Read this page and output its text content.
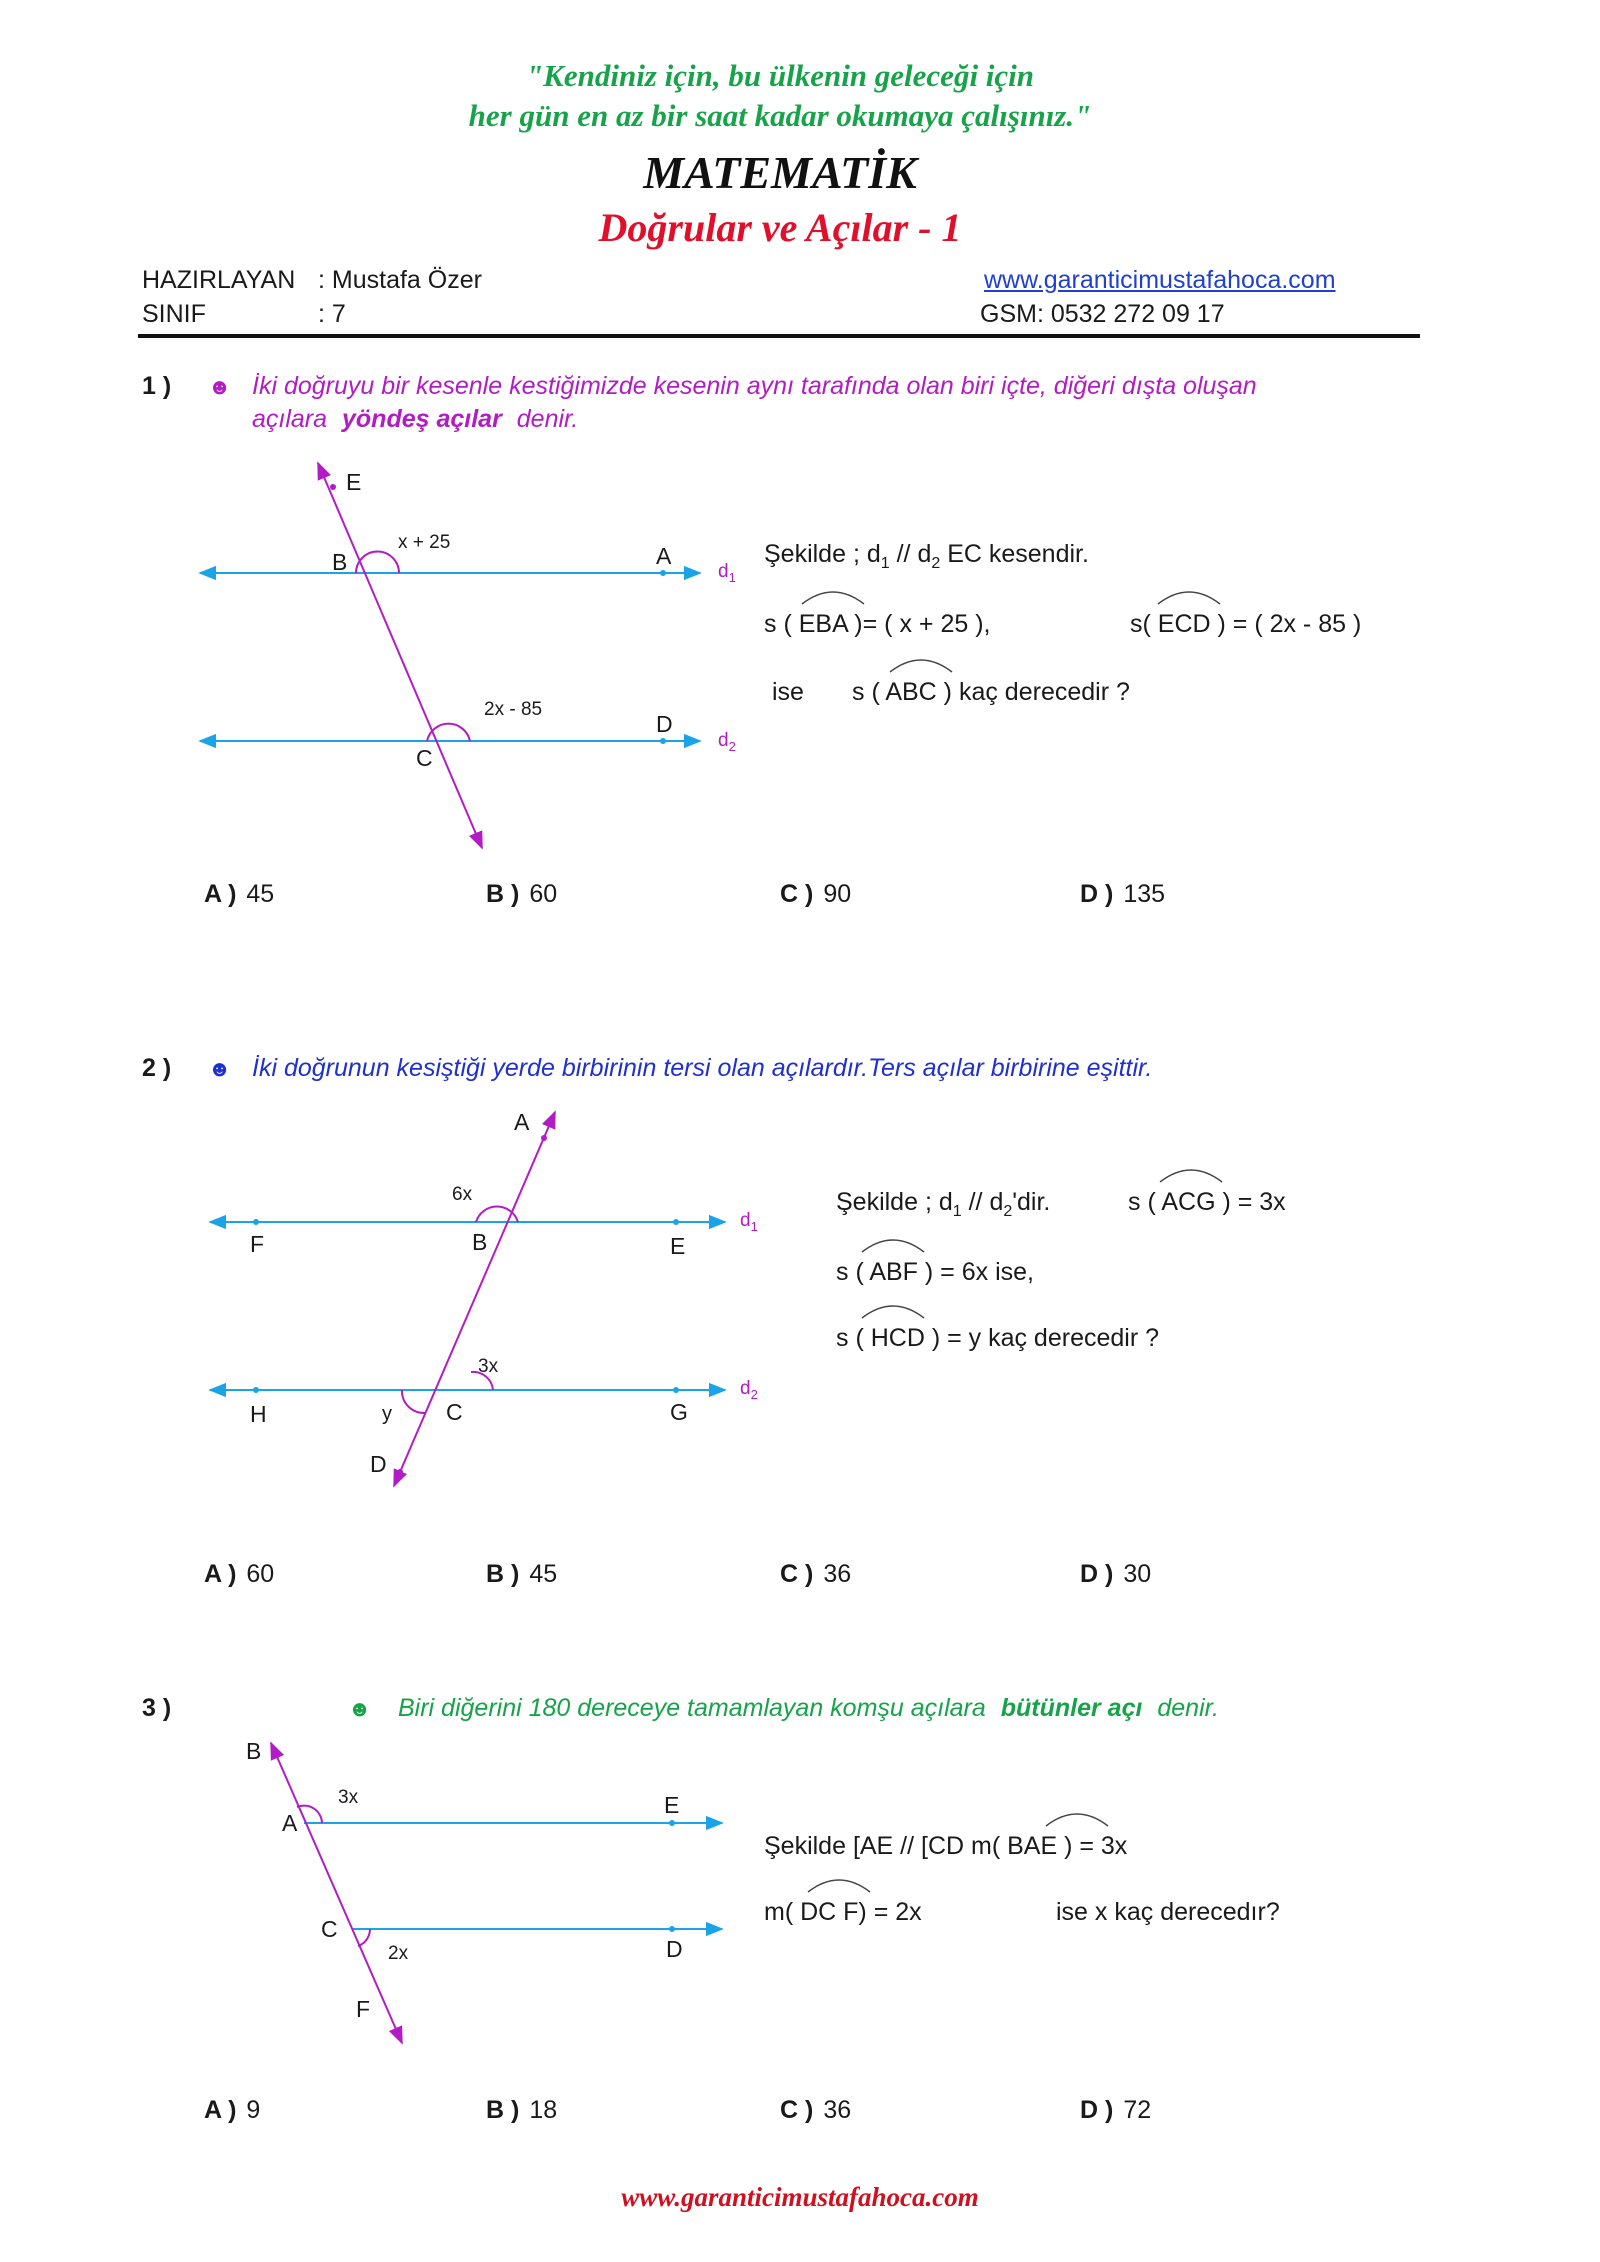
"Kendiniz için, bu ülkenin geleceği için
her gün en az bir saat kadar okumaya çalışınız."
MATEMATİK
Doğrular ve Açılar - 1
HAZIRLAYAN : Mustafa Özer
SINIF	: 7
www.garanticimustafahoca.com
GSM: 0532 272 09 17
1 ) ☻ İki doğruyu bir kesenle kestiğimizde kesenin aynı tarafında olan biri içte, diğeri dışta oluşan
açılara yöndeş açılar denir.
E
B	A
C
D
x + 25
2x - 85
$d_1$
$d_2$
Şekilde ; $d_1 // d_2$ EC kesendir.
s ( EBA )= ( x + 25 ),	s( ECD ) = ( 2x - 85 )
ise s ( ABC ) kaç derecedir ?
A ) 45	B ) 60	C ) 90	D ) 135
2 ) ☻ İki doğrunun kesiştiği yerde birbirinin tersi olan açılardır.Ters açılar birbirine eşittir.
A
F	B	E
H	C	G
D
y
6x
3x
$d_1$
$d_2$
Şekilde ; $d_1 // d_2'dir$.	s ( ACG ) = 3x
s ( ABF ) = 6x ise,
s ( HCD ) = y kaç derecedir ?
A ) 60	B ) 45	C ) 36	D ) 30
3 )	☻ Biri diğerini 180 dereceye tamamlayan komşu açılara bütünler açı denir.
B
A
E
C
D
F
3x
2x
Şekilde [AE // [CD m( BAE ) = 3x
m( DC F) = 2x	ise x kaç derecedır?
A ) 9	B ) 18	C ) 36	D ) 72
www.garanticimustafahoca.com
